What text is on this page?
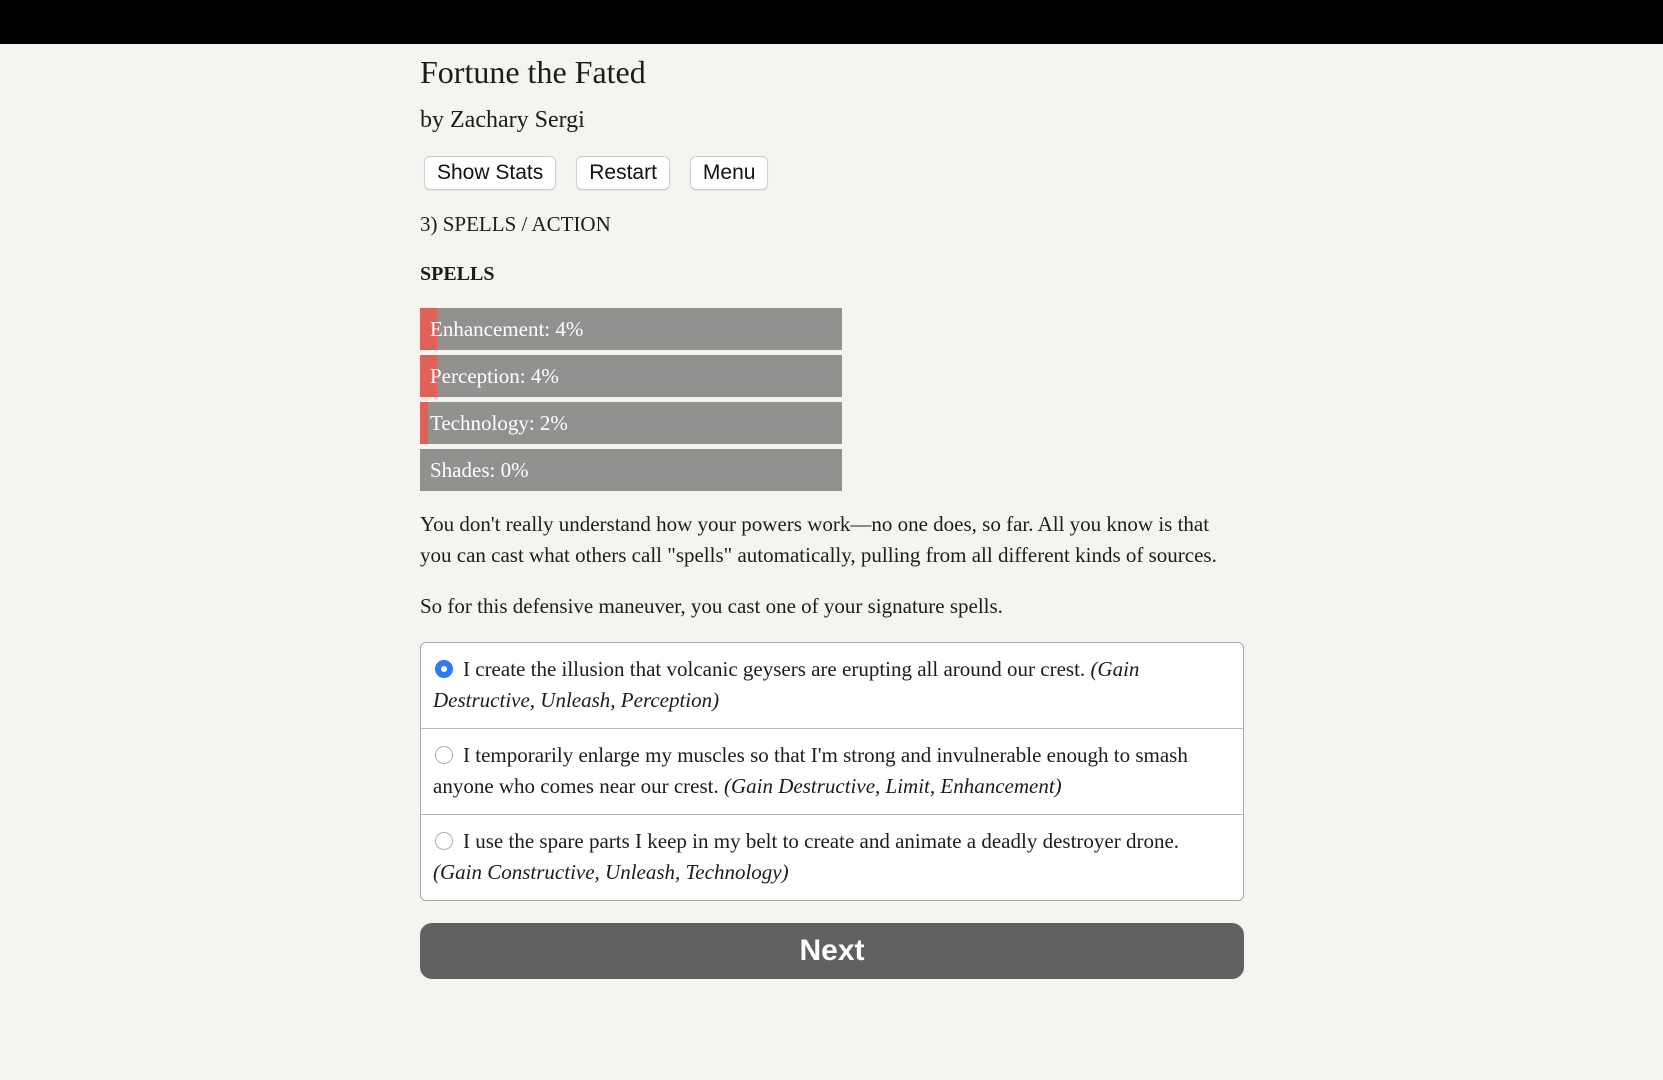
Fortune the Fated
by Zachary Sergi
Show Stats	Restart	Menu
3) SPELLS / ACTION
SPELLS
Enhancement: 4%
Perception: 4%
Technology: 2%
Shades: 0%

You don't really understand how your powers work—no one does, so far. All you know is that you can cast what others call "spells" automatically, pulling from all different kinds of sources.

So for this defensive maneuver, you cast one of your signature spells.

I create the illusion that volcanic geysers are erupting all around our crest. (Gain Destructive, Unleash, Perception)
I temporarily enlarge my muscles so that I'm strong and invulnerable enough to smash anyone who comes near our crest. (Gain Destructive, Limit, Enhancement)
I use the spare parts I keep in my belt to create and animate a deadly destroyer drone. (Gain Constructive, Unleash, Technology)
Next
